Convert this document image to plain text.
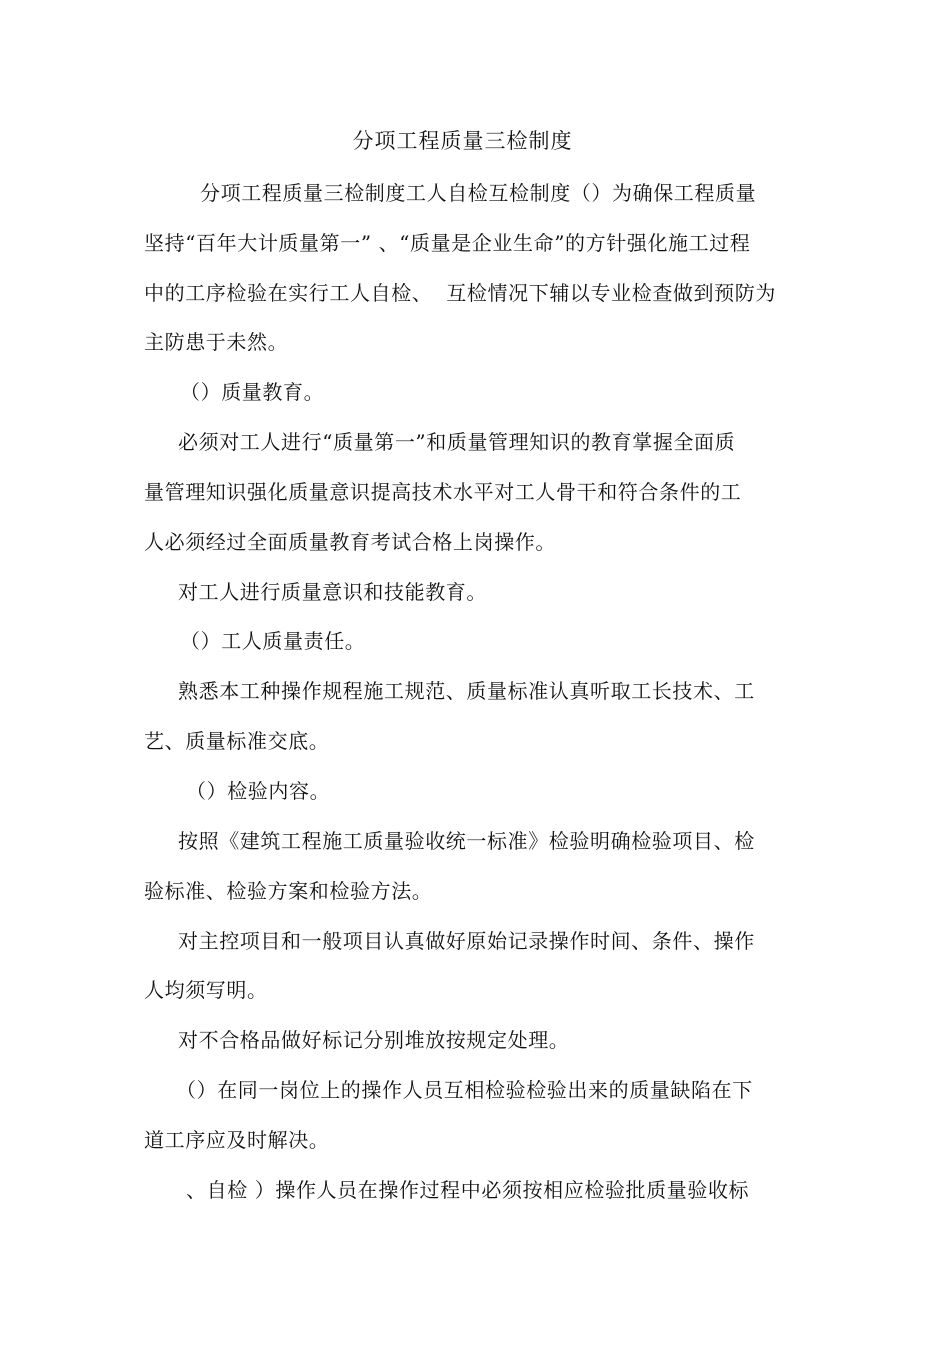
分项工程质量三检制度
分项工程质量三检制度工人自检互检制度（）为确保工程质量
坚持“百年大计质量第一” 、“质量是企业生命”的方针强化施工过程
中的工序检验在实行工人自检、  互检情况下辅以专业检查做到预防为
主防患于未然。
（）质量教育。
必须对工人进行“质量第一”和质量管理知识的教育掌握全面质
量管理知识强化质量意识提高技术水平对工人骨干和符合条件的工
人必须经过全面质量教育考试合格上岗操作。
对工人进行质量意识和技能教育。
（）工人质量责任。
熟悉本工种操作规程施工规范、质量标准认真听取工长技术、工
艺、质量标准交底。
（）检验内容。
按照《建筑工程施工质量验收统一标准》检验明确检验项目、检
验标准、检验方案和检验方法。
对主控项目和一般项目认真做好原始记录操作时间、条件、操作
人均须写明。
对不合格品做好标记分别堆放按规定处理。
（）在同一岗位上的操作人员互相检验检验出来的质量缺陷在下
道工序应及时解决。
、自检 ）操作人员在操作过程中必须按相应检验批质量验收标
